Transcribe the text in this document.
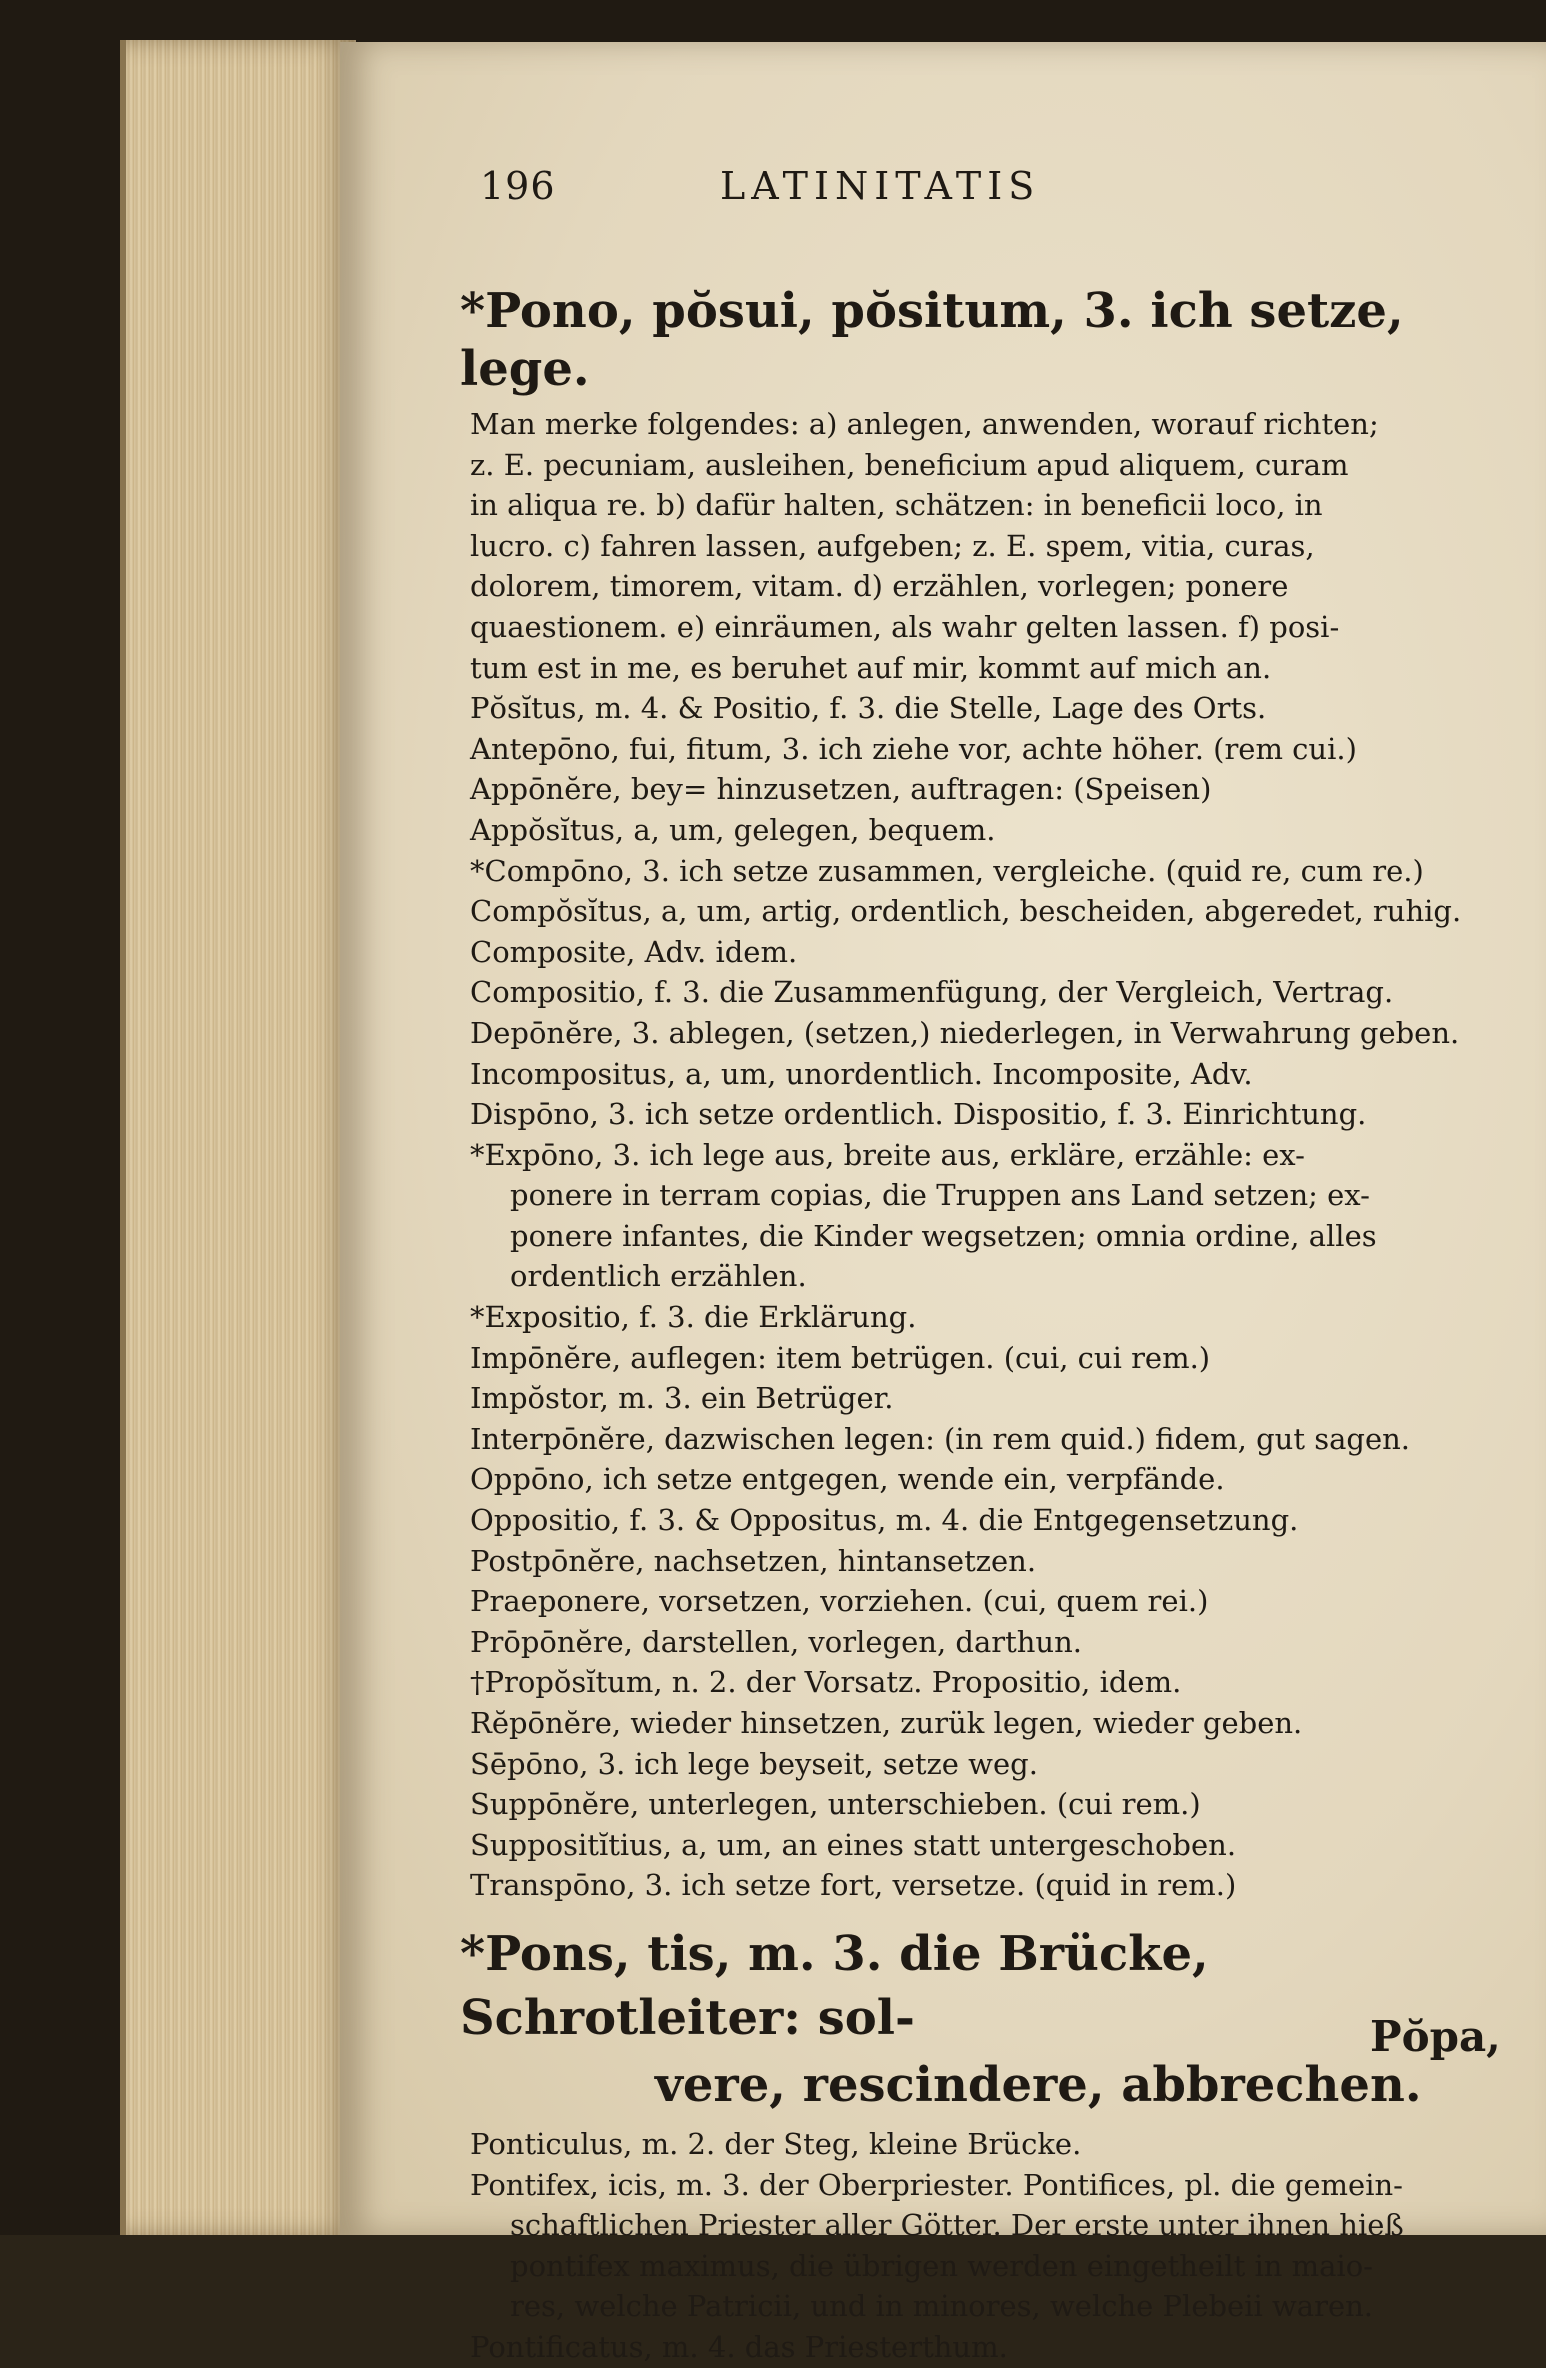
196	LATINITATIS
*Pono, pŏsui, pŏsitum, 3. ich setze, lege.
Man merke folgendes: a) anlegen, anwenden, worauf richten;
z. E. pecuniam, ausleihen, beneficium apud aliquem, curam
in aliqua re. b) dafür halten, schätzen: in beneficii loco, in
lucro. c) fahren lassen, aufgeben; z. E. spem, vitia, curas,
dolorem, timorem, vitam. d) erzählen, vorlegen; ponere
quaestionem. e) einräumen, als wahr gelten lassen. f) posi-
tum est in me, es beruhet auf mir, kommt auf mich an.
Pŏsĭtus, m. 4. & Positio, f. 3. die Stelle, Lage des Orts.
Antepōno, fui, fitum, 3. ich ziehe vor, achte höher. (rem cui.)
Appōnĕre, bey= hinzusetzen, auftragen: (Speisen)
Appŏsĭtus, a, um, gelegen, bequem.
*Compōno, 3. ich setze zusammen, vergleiche. (quid re, cum re.)
Compŏsĭtus, a, um, artig, ordentlich, bescheiden, abgeredet, ruhig.
Composite, Adv. idem.
Compositio, f. 3. die Zusammenfügung, der Vergleich, Vertrag.
Depōnĕre, 3. ablegen, (setzen,) niederlegen, in Verwahrung geben.
Incompositus, a, um, unordentlich. Incomposite, Adv.
Dispōno, 3. ich setze ordentlich. Dispositio, f. 3. Einrichtung.
*Expōno, 3. ich lege aus, breite aus, erkläre, erzähle: ex-
ponere in terram copias, die Truppen ans Land setzen; ex-
ponere infantes, die Kinder wegsetzen; omnia ordine, alles
ordentlich erzählen.
*Expositio, f. 3. die Erklärung.
Impōnĕre, auflegen: item betrügen. (cui, cui rem.)
Impŏstor, m. 3. ein Betrüger.
Interpōnĕre, dazwischen legen: (in rem quid.) fidem, gut sagen.
Oppōno, ich setze entgegen, wende ein, verpfände.
Oppositio, f. 3. & Oppositus, m. 4. die Entgegensetzung.
Postpōnĕre, nachsetzen, hintansetzen.
Praeponere, vorsetzen, vorziehen. (cui, quem rei.)
Prōpōnĕre, darstellen, vorlegen, darthun.
†Propŏsĭtum, n. 2. der Vorsatz. Propositio, idem.
Rĕpōnĕre, wieder hinsetzen, zurük legen, wieder geben.
Sēpōno, 3. ich lege beyseit, setze weg.
Suppōnĕre, unterlegen, unterschieben. (cui rem.)
Suppositĭtius, a, um, an eines statt untergeschoben.
Transpōno, 3. ich setze fort, versetze. (quid in rem.)
*Pons, tis, m. 3. die Brücke, Schrotleiter: sol-
vere, rescindere, abbrechen.
Ponticulus, m. 2. der Steg, kleine Brücke.
Pontifex, icis, m. 3. der Oberpriester. Pontifices, pl. die gemein-
schaftlichen Priester aller Götter. Der erste unter ihnen hieß
pontifex maximus, die übrigen werden eingetheilt in maio-
res, welche Patricii, und in minores, welche Plebeii waren.
Pontificatus, m. 4. das Priesterthum.
Pŏpa,
